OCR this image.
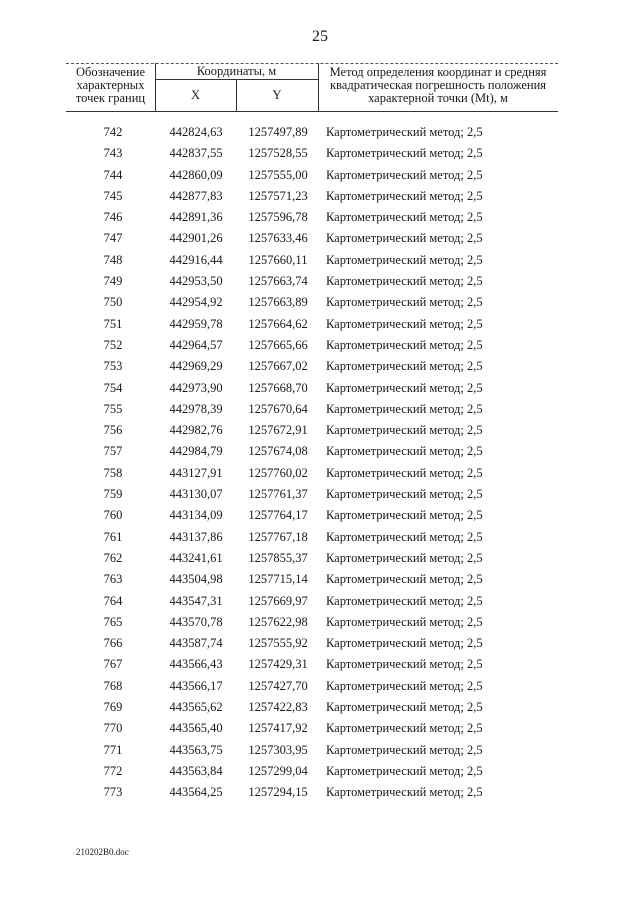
25
Обозначение
характерных
точек границ
Координаты, м
X	Y
Метод определения координат и средняя
квадратическая погрешность положения
характерной точки (Mt), м
742	442824,63	1257497,89	Картометрический метод; 2,5
743	442837,55	1257528,55	Картометрический метод; 2,5
744	442860,09	1257555,00	Картометрический метод; 2,5
745	442877,83	1257571,23	Картометрический метод; 2,5
746	442891,36	1257596,78	Картометрический метод; 2,5
747	442901,26	1257633,46	Картометрический метод; 2,5
748	442916,44	1257660,11	Картометрический метод; 2,5
749	442953,50	1257663,74	Картометрический метод; 2,5
750	442954,92	1257663,89	Картометрический метод; 2,5
751	442959,78	1257664,62	Картометрический метод; 2,5
752	442964,57	1257665,66	Картометрический метод; 2,5
753	442969,29	1257667,02	Картометрический метод; 2,5
754	442973,90	1257668,70	Картометрический метод; 2,5
755	442978,39	1257670,64	Картометрический метод; 2,5
756	442982,76	1257672,91	Картометрический метод; 2,5
757	442984,79	1257674,08	Картометрический метод; 2,5
758	443127,91	1257760,02	Картометрический метод; 2,5
759	443130,07	1257761,37	Картометрический метод; 2,5
760	443134,09	1257764,17	Картометрический метод; 2,5
761	443137,86	1257767,18	Картометрический метод; 2,5
762	443241,61	1257855,37	Картометрический метод; 2,5
763	443504,98	1257715,14	Картометрический метод; 2,5
764	443547,31	1257669,97	Картометрический метод; 2,5
765	443570,78	1257622,98	Картометрический метод; 2,5
766	443587,74	1257555,92	Картометрический метод; 2,5
767	443566,43	1257429,31	Картометрический метод; 2,5
768	443566,17	1257427,70	Картометрический метод; 2,5
769	443565,62	1257422,83	Картометрический метод; 2,5
770	443565,40	1257417,92	Картометрический метод; 2,5
771	443563,75	1257303,95	Картометрический метод; 2,5
772	443563,84	1257299,04	Картометрический метод; 2,5
773	443564,25	1257294,15	Картометрический метод; 2,5
210202В0.doc
